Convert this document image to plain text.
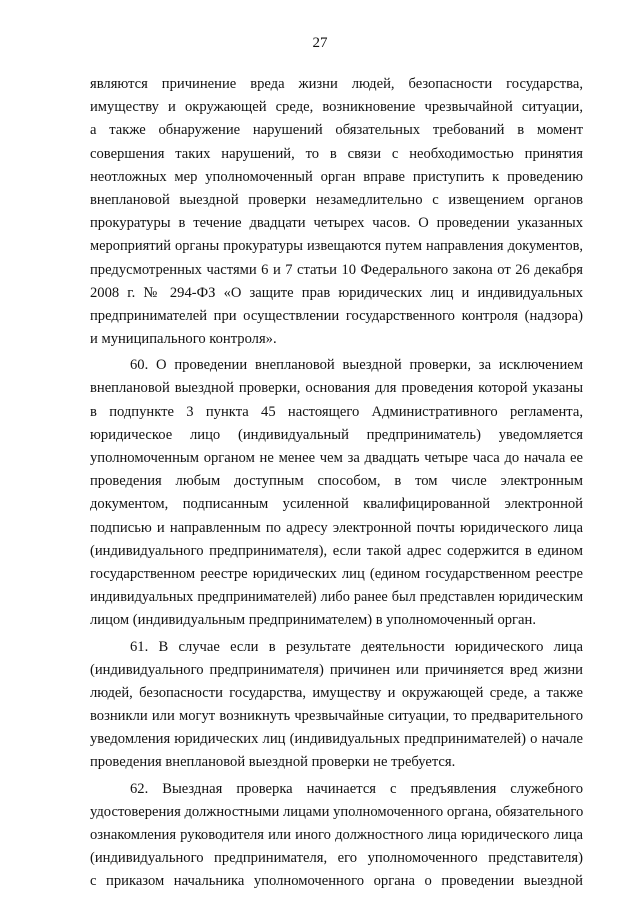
27
являются причинение вреда жизни людей, безопасности государства,
имуществу и окружающей среде, возникновение чрезвычайной ситуации,
а также обнаружение нарушений обязательных требований в момент
совершения таких нарушений, то в связи с необходимостью принятия
неотложных мер уполномоченный орган вправе приступить к проведению
внеплановой выездной проверки незамедлительно с извещением органов
прокуратуры в течение двадцати четырех часов. О проведении указанных
мероприятий органы прокуратуры извещаются путем направления документов,
предусмотренных частями 6 и 7 статьи 10 Федерального закона от 26 декабря
2008 г. № 294-ФЗ «О защите прав юридических лиц и индивидуальных
предпринимателей при осуществлении государственного контроля (надзора)
и муниципального контроля».
60. О проведении внеплановой выездной проверки, за исключением
внеплановой выездной проверки, основания для проведения которой указаны
в подпункте 3 пункта 45 настоящего Административного регламента,
юридическое лицо (индивидуальный предприниматель) уведомляется
уполномоченным органом не менее чем за двадцать четыре часа до начала ее
проведения любым доступным способом, в том числе электронным
документом, подписанным усиленной квалифицированной электронной
подписью и направленным по адресу электронной почты юридического лица
(индивидуального предпринимателя), если такой адрес содержится в едином
государственном реестре юридических лиц (едином государственном реестре
индивидуальных предпринимателей) либо ранее был представлен юридическим
лицом (индивидуальным предпринимателем) в уполномоченный орган.
61. В случае если в результате деятельности юридического лица
(индивидуального предпринимателя) причинен или причиняется вред жизни
людей, безопасности государства, имуществу и окружающей среде, а также
возникли или могут возникнуть чрезвычайные ситуации, то предварительного
уведомления юридических лиц (индивидуальных предпринимателей) о начале
проведения внеплановой выездной проверки не требуется.
62. Выездная проверка начинается с предъявления служебного
удостоверения должностными лицами уполномоченного органа, обязательного
ознакомления руководителя или иного должностного лица юридического лица
(индивидуального предпринимателя, его уполномоченного представителя)
с приказом начальника уполномоченного органа о проведении выездной
